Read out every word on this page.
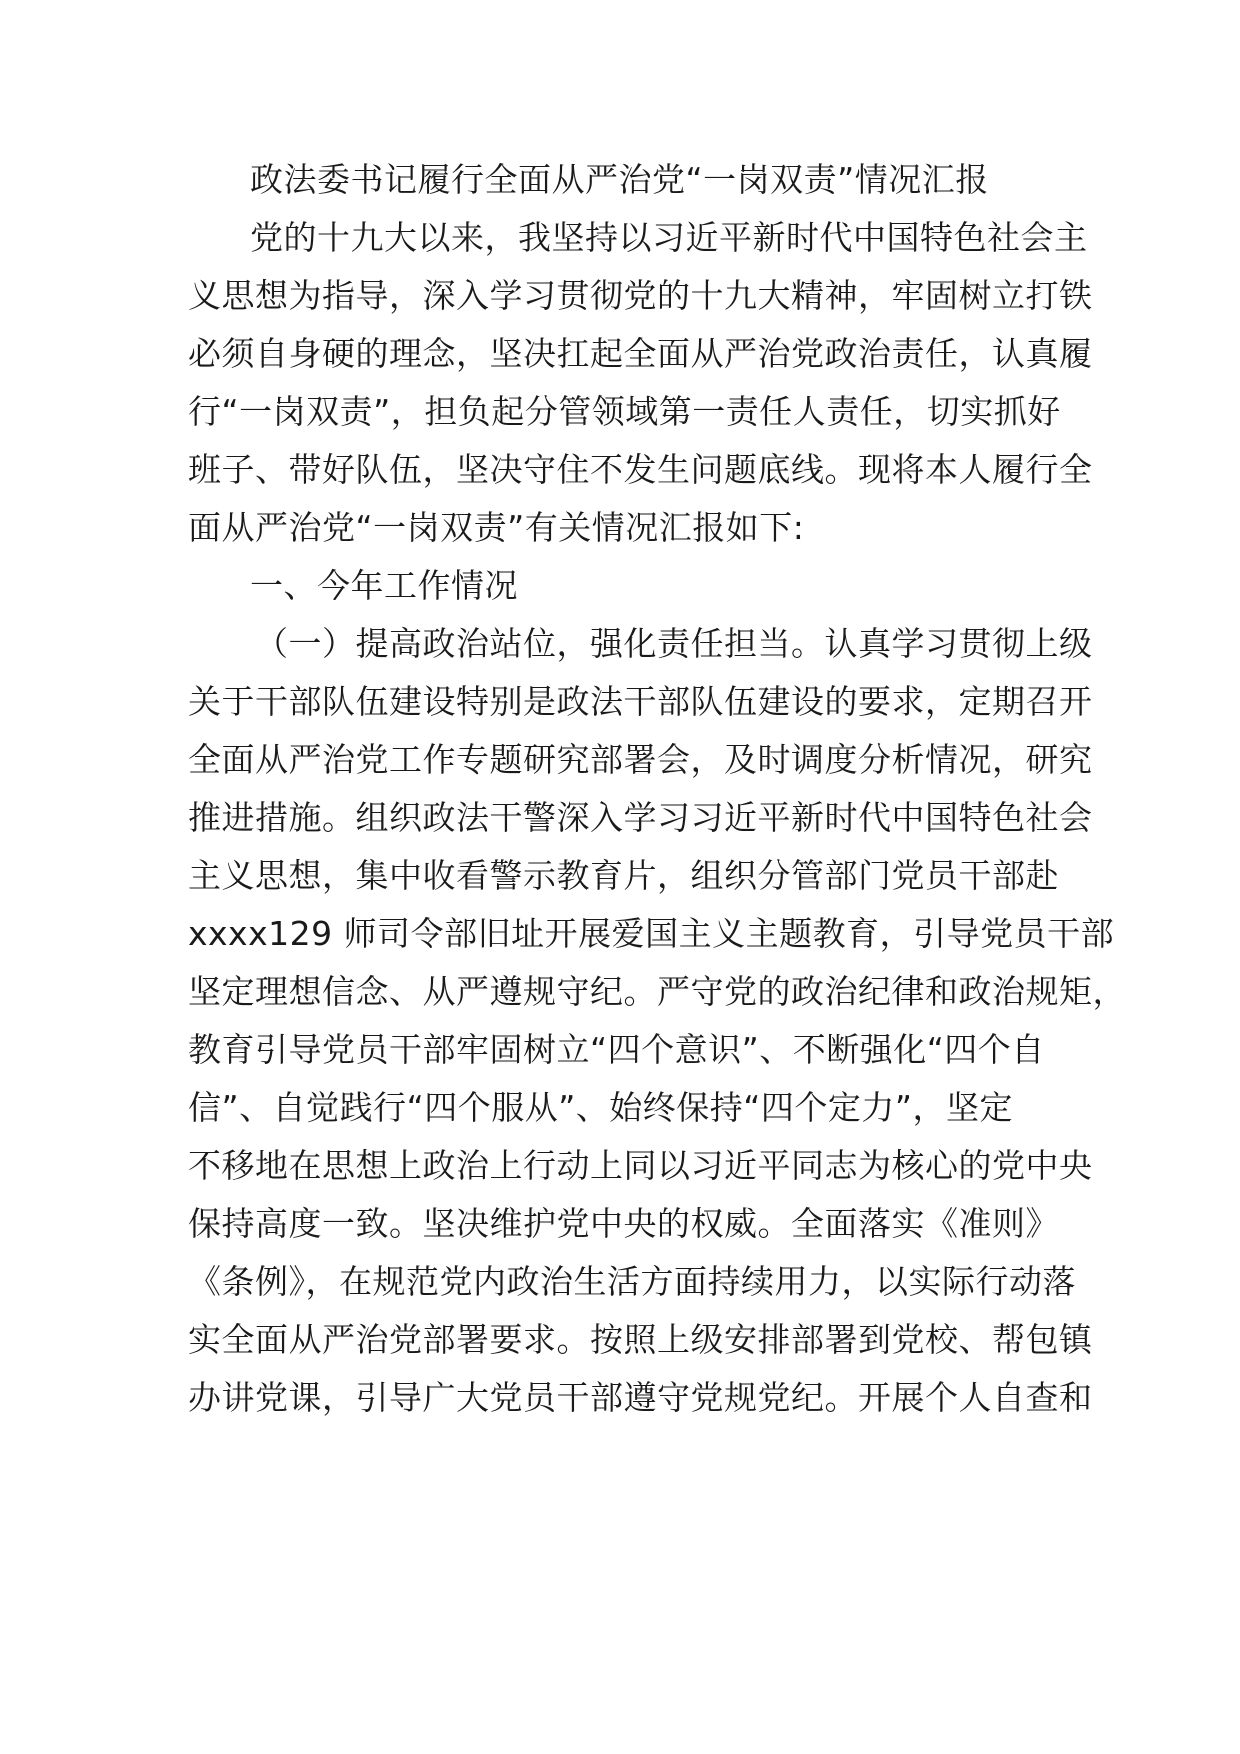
政法委书记履行全面从严治党“一岗双责”情况汇报
党的十九大以来，我坚持以习近平新时代中国特色社会主
义思想为指导，深入学习贯彻党的十九大精神，牢固树立打铁
必须自身硬的理念，坚决扛起全面从严治党政治责任，认真履
行“一岗双责”，担负起分管领域第一责任人责任，切实抓好
班子、带好队伍，坚决守住不发生问题底线。现将本人履行全
面从严治党“一岗双责”有关情况汇报如下:
一、今年工作情况
（一）提高政治站位，强化责任担当。认真学习贯彻上级
关于干部队伍建设特别是政法干部队伍建设的要求，定期召开
全面从严治党工作专题研究部署会，及时调度分析情况，研究
推进措施。组织政法干警深入学习习近平新时代中国特色社会
主义思想，集中收看警示教育片，组织分管部门党员干部赴
xxxx129 师司令部旧址开展爱国主义主题教育，引导党员干部
坚定理想信念、从严遵规守纪。严守党的政治纪律和政治规矩，
教育引导党员干部牢固树立“四个意识”、不断强化“四个自
信”、自觉践行“四个服从”、始终保持“四个定力”，坚定
不移地在思想上政治上行动上同以习近平同志为核心的党中央
保持高度一致。坚决维护党中央的权威。全面落实《准则》
《条例》，在规范党内政治生活方面持续用力，以实际行动落
实全面从严治党部署要求。按照上级安排部署到党校、帮包镇
办讲党课，引导广大党员干部遵守党规党纪。开展个人自查和
